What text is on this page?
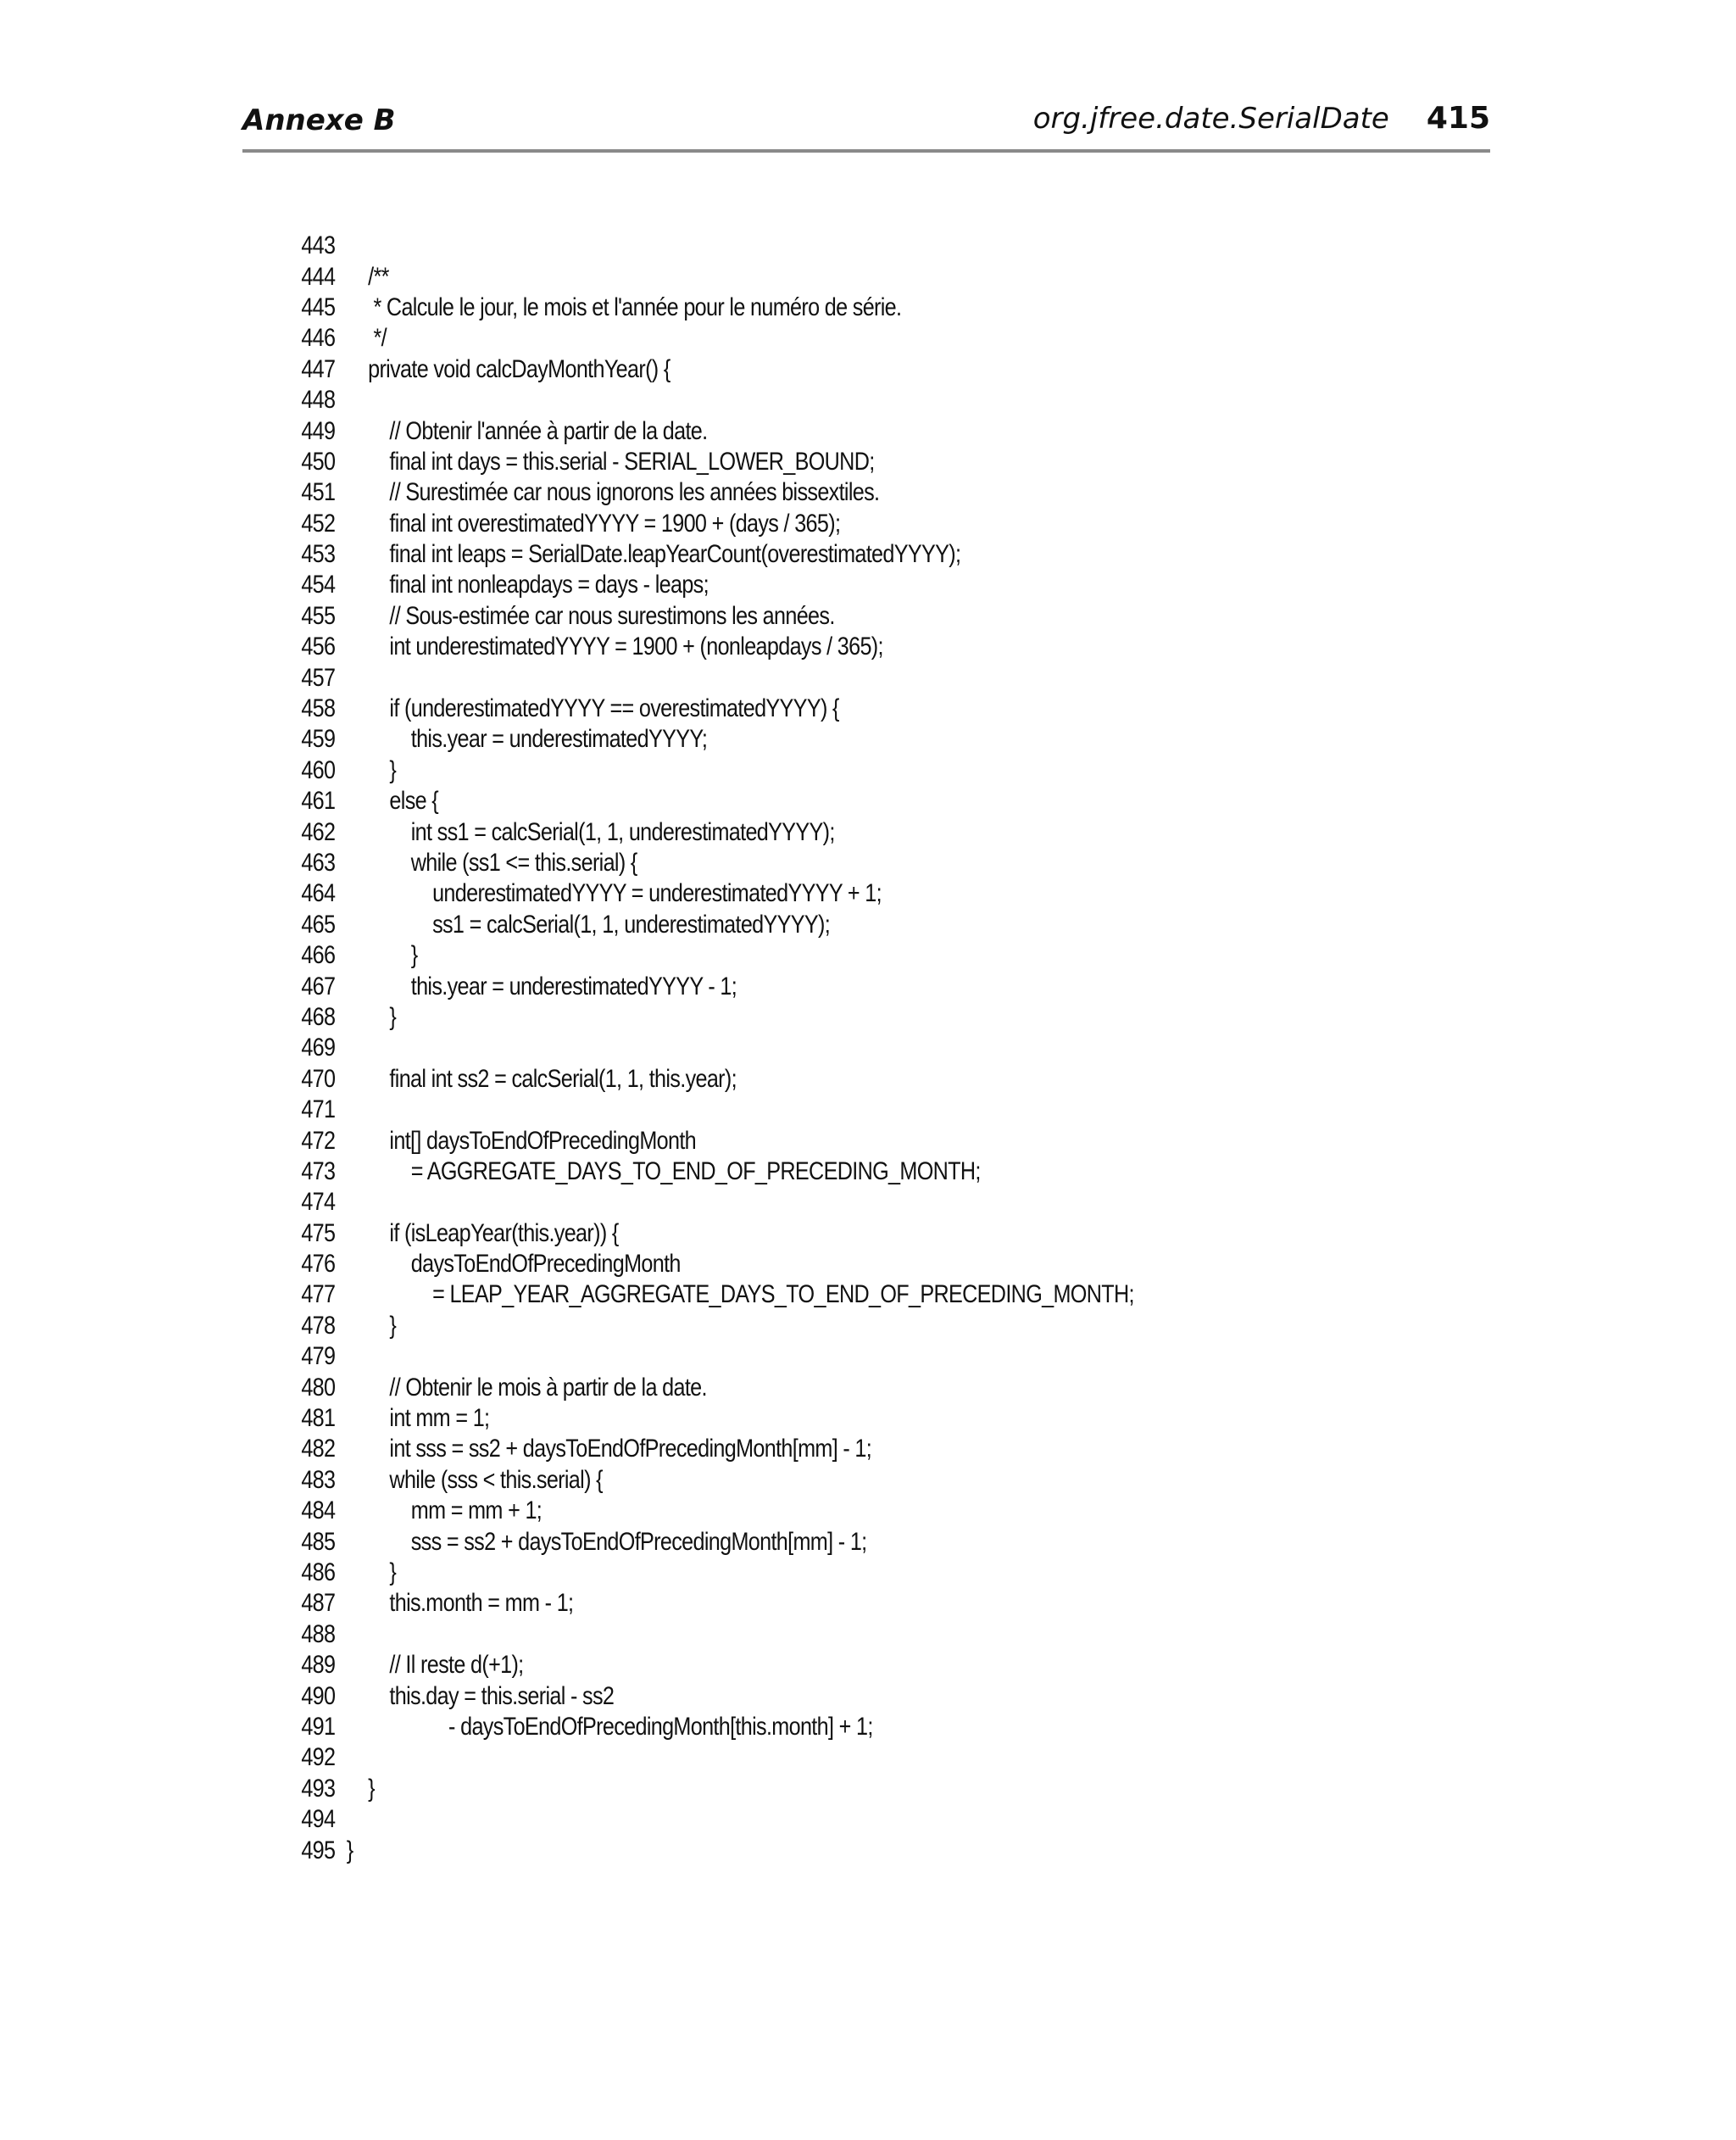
Annexe B	org.jfree.date.SerialDate 415
443
444 /**
445 * Calcule le jour, le mois et l'année pour le numéro de série.
446 */
447 private void calcDayMonthYear() {
448
449 // Obtenir l'année à partir de la date.
450 final int days = this.serial - SERIAL_LOWER_BOUND;
451 // Surestimée car nous ignorons les années bissextiles.
452 final int overestimatedYYYY = 1900 + (days / 365);
453 final int leaps = SerialDate.leapYearCount(overestimatedYYYY);
454 final int nonleapdays = days - leaps;
455 // Sous-estimée car nous surestimons les années.
456 int underestimatedYYYY = 1900 + (nonleapdays / 365);
457
458 if (underestimatedYYYY == overestimatedYYYY) {
459 this.year = underestimatedYYYY;
460 }
461 else {
462 int ss1 = calcSerial(1, 1, underestimatedYYYY);
463 while (ss1 <= this.serial) {
464 underestimatedYYYY = underestimatedYYYY + 1;
465 ss1 = calcSerial(1, 1, underestimatedYYYY);
466 }
467 this.year = underestimatedYYYY - 1;
468 }
469
470 final int ss2 = calcSerial(1, 1, this.year);
471
472 int[] daysToEndOfPrecedingMonth
473 = AGGREGATE_DAYS_TO_END_OF_PRECEDING_MONTH;
474
475 if (isLeapYear(this.year)) {
476 daysToEndOfPrecedingMonth
477 = LEAP_YEAR_AGGREGATE_DAYS_TO_END_OF_PRECEDING_MONTH;
478 }
479
480 // Obtenir le mois à partir de la date.
481 int mm = 1;
482 int sss = ss2 + daysToEndOfPrecedingMonth[mm] - 1;
483 while (sss < this.serial) {
484 mm = mm + 1;
485 sss = ss2 + daysToEndOfPrecedingMonth[mm] - 1;
486 }
487 this.month = mm - 1;
488
489 // Il reste d(+1);
490 this.day = this.serial - ss2
491 - daysToEndOfPrecedingMonth[this.month] + 1;
492
493 }
494
495 }
